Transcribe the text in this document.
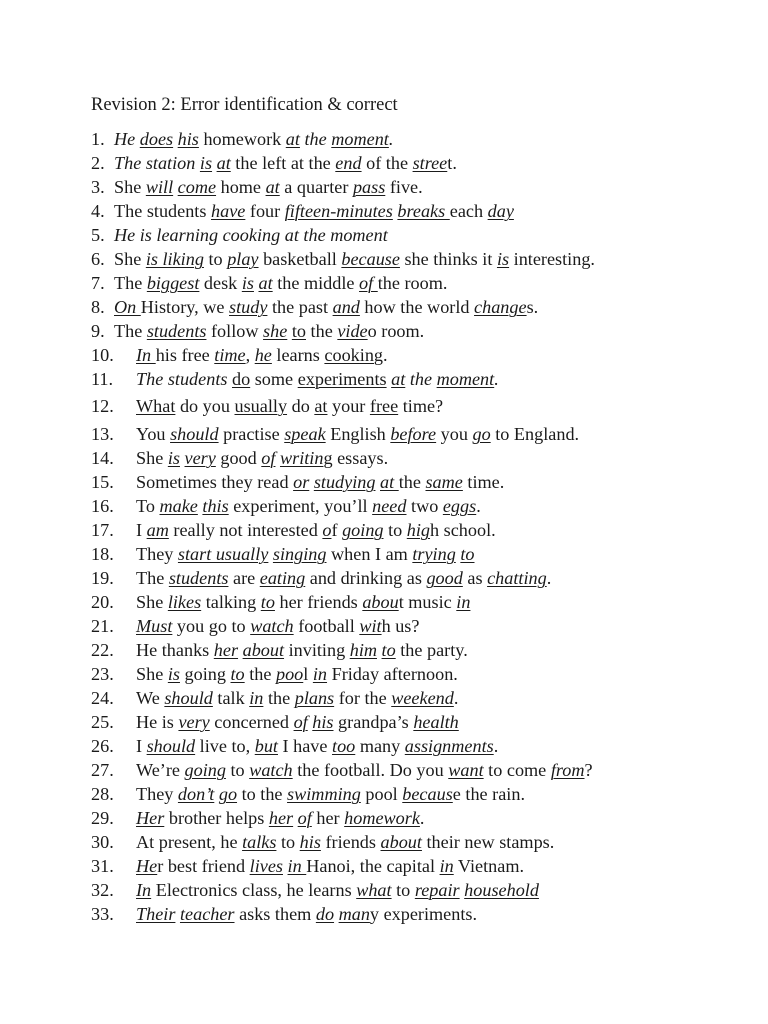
Revision 2: Error identification & correct
1. He does his homework at the moment.
2. The station is at the left at the end of the street.
3. She will come home at a quarter pass five.
4. The students have four fifteen-minutes breaks each day
5. He is learning cooking at the moment
6. She is liking to play basketball because she thinks it is interesting.
7. The biggest desk is at the middle of the room.
8. On History, we study the past and how the world changes.
9. The students follow she to the video room.
10. In his free time, he learns cooking.
11. The students do some experiments at the moment.
12. What do you usually do at your free time?
13. You should practise speak English before you go to England.
14. She is very good of writing essays.
15. Sometimes they read or studying at the same time.
16. To make this experiment, you’ll need two eggs.
17. I am really not interested of going to high school.
18. They start usually singing when I am trying to
19. The students are eating and drinking as good as chatting.
20. She likes talking to her friends about music in
21. Must you go to watch football with us?
22. He thanks her about inviting him to the party.
23. She is going to the pool in Friday afternoon.
24. We should talk in the plans for the weekend.
25. He is very concerned of his grandpa’s health
26. I should live to, but I have too many assignments.
27. We’re going to watch the football. Do you want to come from?
28. They don’t go to the swimming pool because the rain.
29. Her brother helps her of her homework.
30. At present, he talks to his friends about their new stamps.
31. Her best friend lives in Hanoi, the capital in Vietnam.
32. In Electronics class, he learns what to repair household
33. Their teacher asks them do many experiments.
